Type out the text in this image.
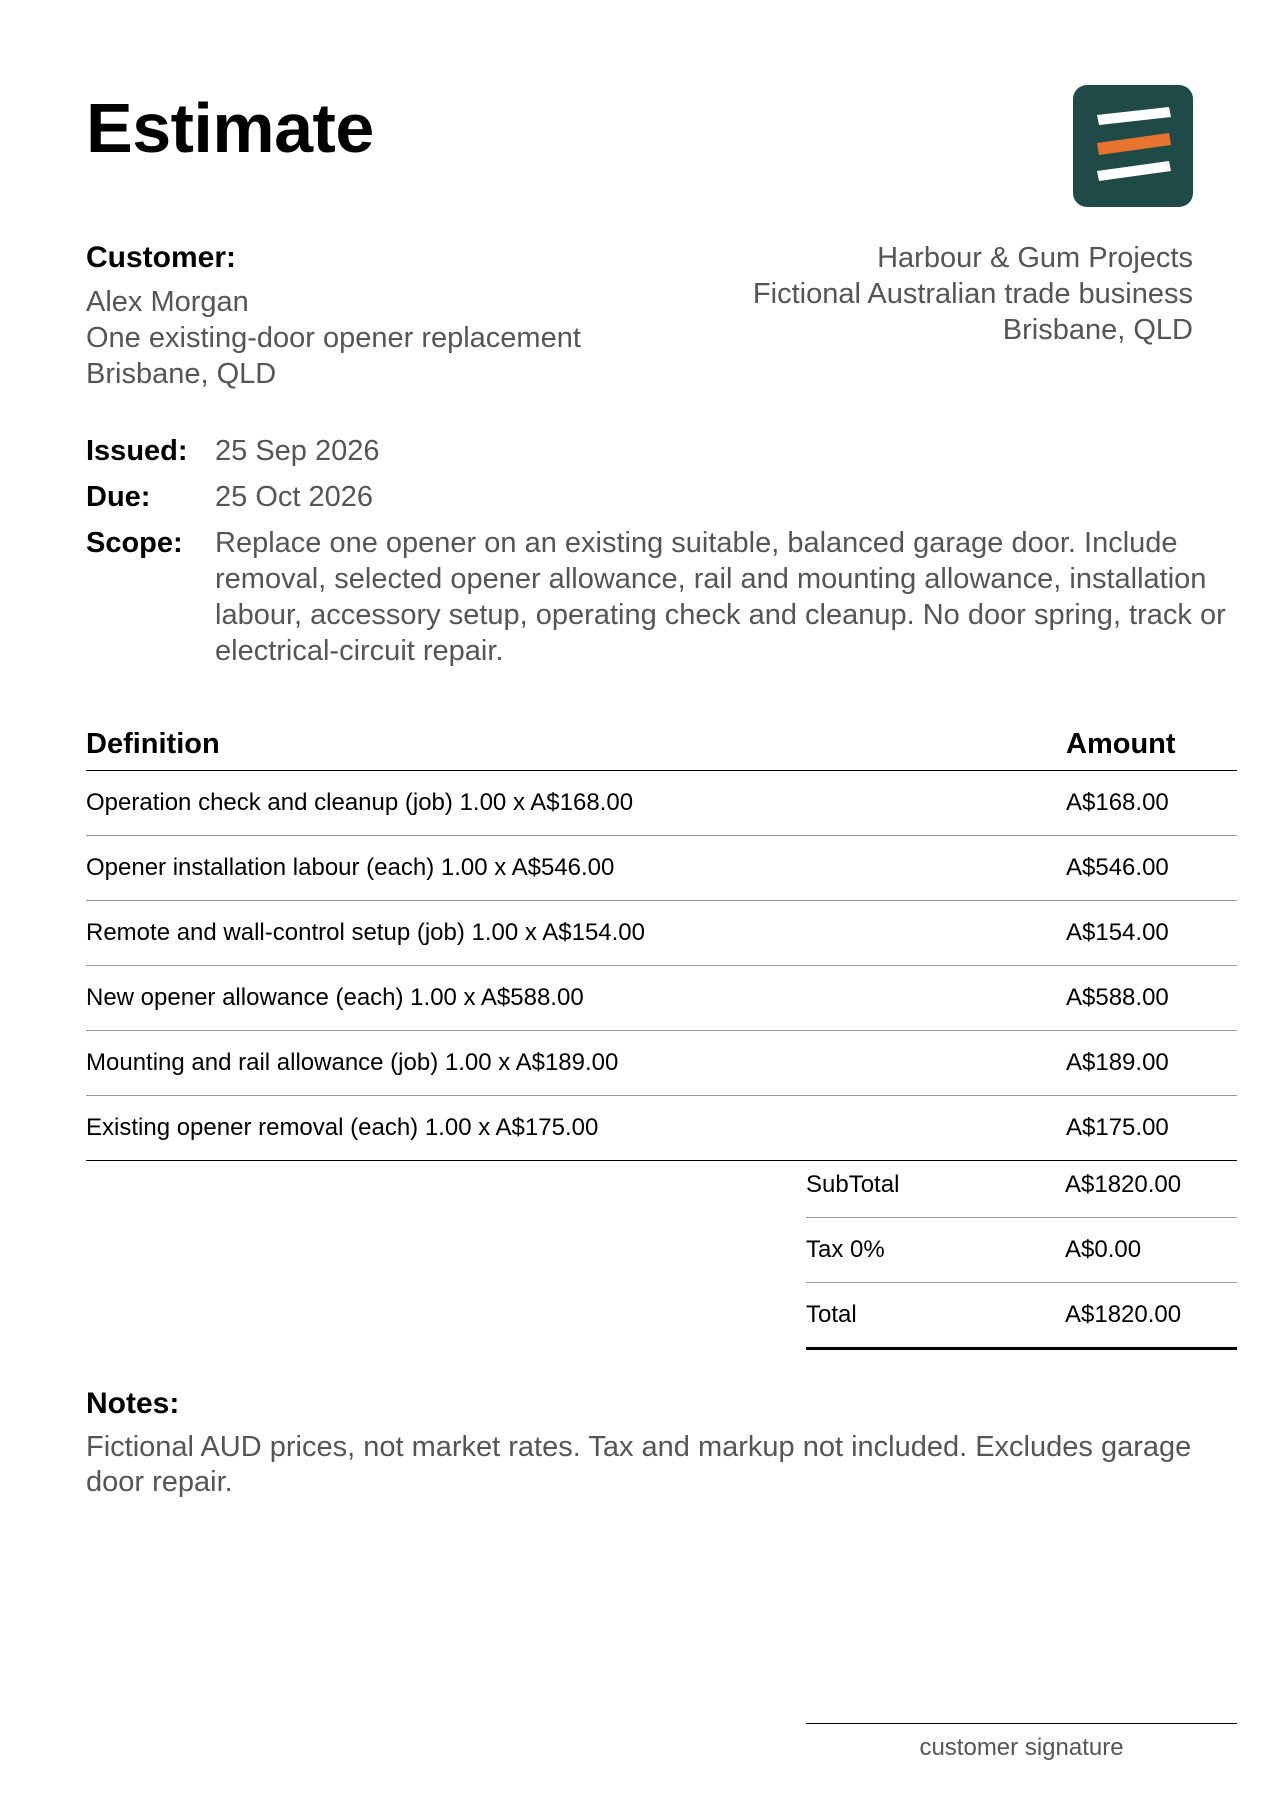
Estimate
Customer:
Alex Morgan
One existing-door opener replacement
Brisbane, QLD
Harbour & Gum Projects
Fictional Australian trade business
Brisbane, QLD
Issued: 25 Sep 2026
Due:	25 Oct 2026
Scope:	Replace one opener on an existing suitable, balanced garage door. Include removal, selected opener allowance, rail and mounting allowance, installation labour, accessory setup, operating check and cleanup. No door spring, track or electrical-circuit repair.
Definition	Amount
Operation check and cleanup (job) 1.00 x A$168.00	A$168.00
Opener installation labour (each) 1.00 x A$546.00	A$546.00
Remote and wall-control setup (job) 1.00 x A$154.00	A$154.00
New opener allowance (each) 1.00 x A$588.00	A$588.00
Mounting and rail allowance (job) 1.00 x A$189.00	A$189.00
Existing opener removal (each) 1.00 x A$175.00	A$175.00
SubTotal	A$1820.00
Tax 0%	A$0.00
Total	A$1820.00
Notes:
Fictional AUD prices, not market rates. Tax and markup not included. Excludes garage door repair.
customer signature
